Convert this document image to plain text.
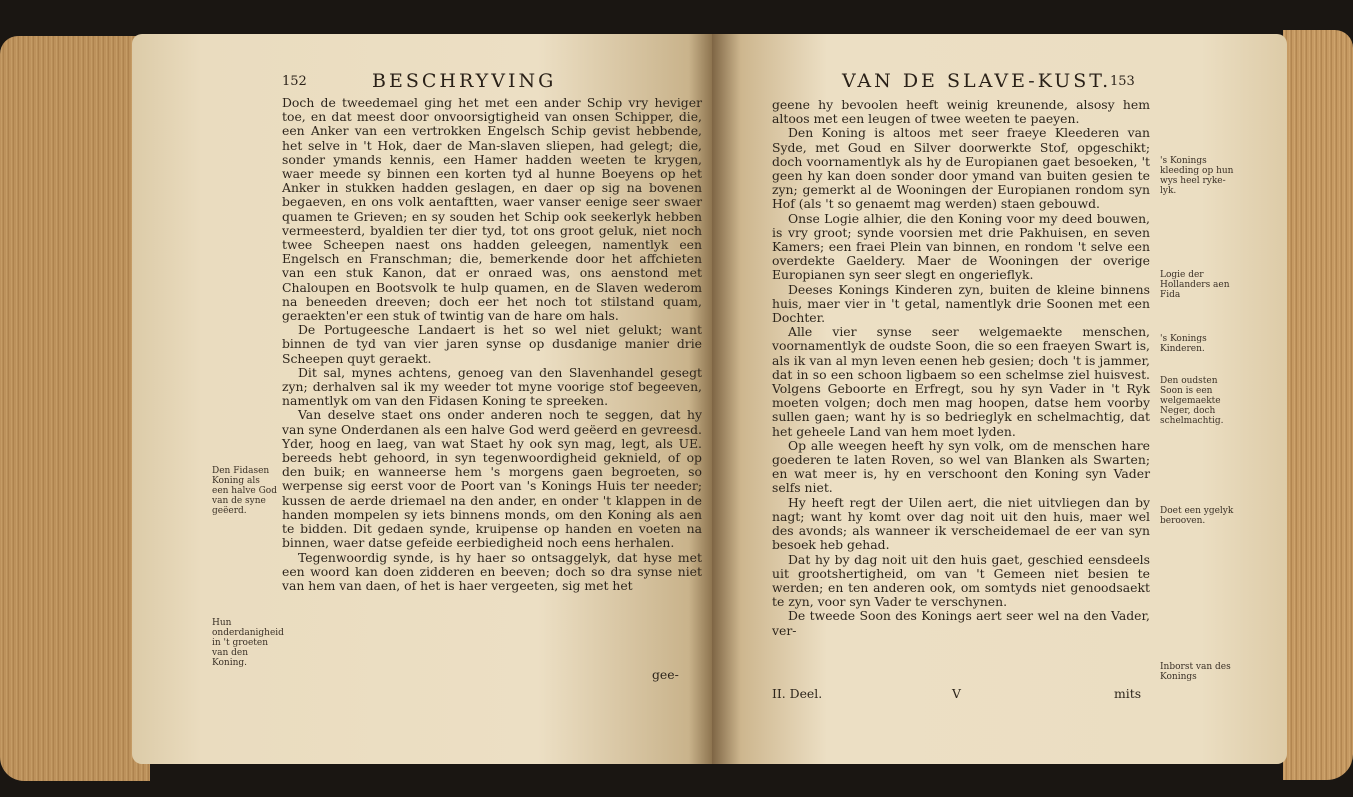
152	BESCHRYVING

Doch de tweedemael ging het met een ander Schip vry heviger toe, en dat meest door onvoorsigtigheid van onsen Schipper, die, een Anker van een vertrokken Engelsch Schip gevist hebbende, het selve in 't Hok, daer de Man-slaven sliepen, had gelegt; die, sonder ymands kennis, een Hamer hadden weeten te krygen, waer meede sy binnen een korten tyd al hunne Boeyens op het Anker in stukken hadden geslagen, en daer op sig na bovenen begaeven, en ons volk aentaftten, waer vanser eenige seer swaer quamen te Grieven; en sy souden het Schip ook seekerlyk hebben vermeesterd, byaldien ter dier tyd, tot ons groot geluk, niet noch twee Scheepen naest ons hadden geleegen, namentlyk een Engelsch en Franschman; die, bemerkende door het affchieten van een stuk Kanon, dat er onraed was, ons aenstond met Chaloupen en Bootsvolk te hulp quamen, en de Slaven wederom na beneeden dreeven; doch eer het noch tot stilstand quam, geraekten'er een stuk of twintig van de hare om hals.

De Portugeesche Landaert is het so wel niet gelukt; want binnen de tyd van vier jaren synse op dusdanige manier drie Scheepen quyt geraekt.

Dit sal, mynes achtens, genoeg van den Slavenhandel gesegt zyn; derhalven sal ik my weeder tot myne voorige stof begeeven, namentlyk om van den Fidasen Koning te spreeken.

Van deselve staet ons onder anderen noch te seggen, dat hy van syne Onderdanen als een halve God werd geëerd en gevreesd. Yder, hoog en laeg, van wat Staet hy ook syn mag, legt, als UE. bereeds hebt gehoord, in syn tegenwoordigheid geknield, of op den buik; en wanneerse hem 's morgens gaen begroeten, so werpense sig eerst voor de Poort van 's Konings Huis ter needer; kussen de aerde driemael na den ander, en onder 't klappen in de handen mompelen sy iets binnens monds, om den Koning als aen te bidden. Dit gedaen synde, kruipense op handen en voeten na binnen, waer datse gefeide eerbiedigheid noch eens herhalen.

Tegenwoordig synde, is hy haer so ontsaggelyk, dat hyse met een woord kan doen zidderen en beeven; doch so dra synse niet van hem van daen, of het is haer vergeeten, sig met het

gee-
Den Fidasen Koning als een halve God van de syne geëerd.
Hun onderdanigheid in 't groeten van den Koning.
VAN DE SLAVE-KUST.
153

geene hy bevoolen heeft weinig kreunende, alsosy hem altoos met een leugen of twee weeten te paeyen.

Den Koning is altoos met seer fraeye Kleederen van Syde, met Goud en Silver doorwerkte Stof, opgeschikt; doch voornamentlyk als hy de Europianen gaet besoeken, 't geen hy kan doen sonder door ymand van buiten gesien te zyn; gemerkt al de Wooningen der Europianen rondom syn Hof (als 't so genaemt mag werden) staen gebouwd.

Onse Logie alhier, die den Koning voor my deed bouwen, is vry groot; synde voorsien met drie Pakhuisen, en seven Kamers; een fraei Plein van binnen, en rondom 't selve een overdekte Gaeldery. Maer de Wooningen der overige Europianen syn seer slegt en ongerieflyk.

Deeses Konings Kinderen zyn, buiten de kleine binnens huis, maer vier in 't getal, namentlyk drie Soonen met een Dochter.

Alle vier synse seer welgemaekte menschen, voornamentlyk de oudste Soon, die so een fraeyen Swart is, als ik van al myn leven eenen heb gesien; doch 't is jammer, dat in so een schoon ligbaem so een schelmse ziel huisvest. Volgens Geboorte en Erfregt, sou hy syn Vader in 't Ryk moeten volgen; doch men mag hoopen, datse hem voorby sullen gaen; want hy is so bedrieglyk en schelmachtig, dat het geheele Land van hem moet lyden.

Op alle weegen heeft hy syn volk, om de menschen hare goederen te laten Roven, so wel van Blanken als Swarten; en wat meer is, hy en verschoont den Koning syn Vader selfs niet.

Hy heeft regt der Uilen aert, die niet uitvliegen dan by nagt; want hy komt over dag noit uit den huis, maer wel des avonds; als wanneer ik verscheidemael de eer van syn besoek heb gehad.

Dat hy by dag noit uit den huis gaet, geschied eensdeels uit grootshertigheid, om van 't Gemeen niet besien te werden; en ten anderen ook, om somtyds niet genoodsaekt te zyn, voor syn Vader te verschynen.

De tweede Soon des Konings aert seer wel na den Vader, ver-

II. Deel.	V	mits
's Konings kleeding op hun wys heel ryke-lyk.
Logie der Hollanders aen Fida
's Konings Kinderen.
Den oudsten Soon is een welgemaekte Neger, doch schelmachtig.
Doet een ygelyk berooven.
Inborst van des Konings
